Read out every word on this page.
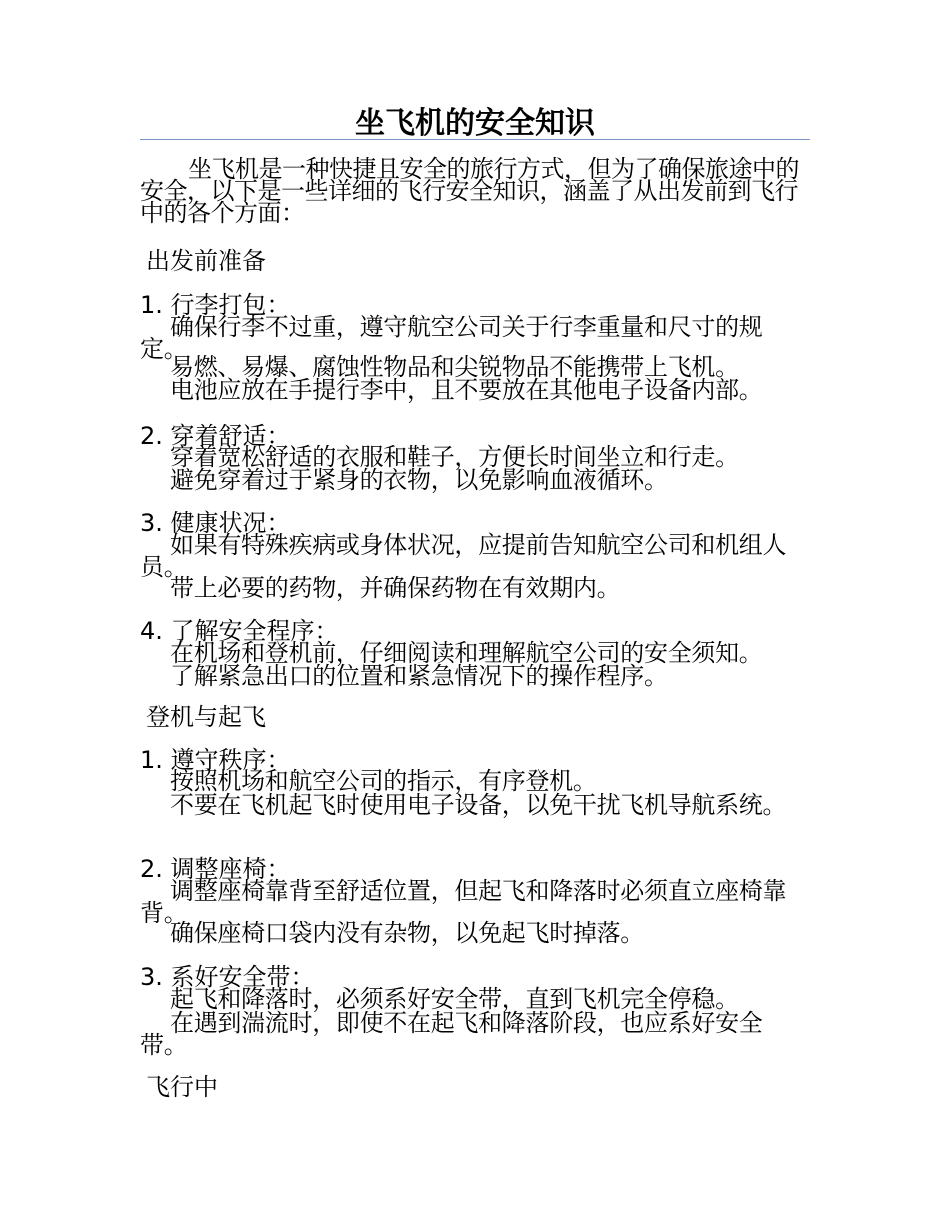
坐飞机的安全知识
坐飞机是一种快捷且安全的旅行方式，但为了确保旅途中的安全，以下是一些详细的飞行安全知识，涵盖了从出发前到飞行中的各个方面：
出发前准备
1. 行李打包：
确保行李不过重，遵守航空公司关于行李重量和尺寸的规定。
易燃、易爆、腐蚀性物品和尖锐物品不能携带上飞机。
电池应放在手提行李中，且不要放在其他电子设备内部。
2. 穿着舒适：
穿着宽松舒适的衣服和鞋子，方便长时间坐立和行走。
避免穿着过于紧身的衣物，以免影响血液循环。
3. 健康状况：
如果有特殊疾病或身体状况，应提前告知航空公司和机组人员。
带上必要的药物，并确保药物在有效期内。
4. 了解安全程序：
在机场和登机前，仔细阅读和理解航空公司的安全须知。
了解紧急出口的位置和紧急情况下的操作程序。
登机与起飞
1. 遵守秩序：
按照机场和航空公司的指示，有序登机。
不要在飞机起飞时使用电子设备，以免干扰飞机导航系统。
2. 调整座椅：
调整座椅靠背至舒适位置，但起飞和降落时必须直立座椅靠背。
确保座椅口袋内没有杂物，以免起飞时掉落。
3. 系好安全带：
起飞和降落时，必须系好安全带，直到飞机完全停稳。
在遇到湍流时，即使不在起飞和降落阶段，也应系好安全带。
飞行中
